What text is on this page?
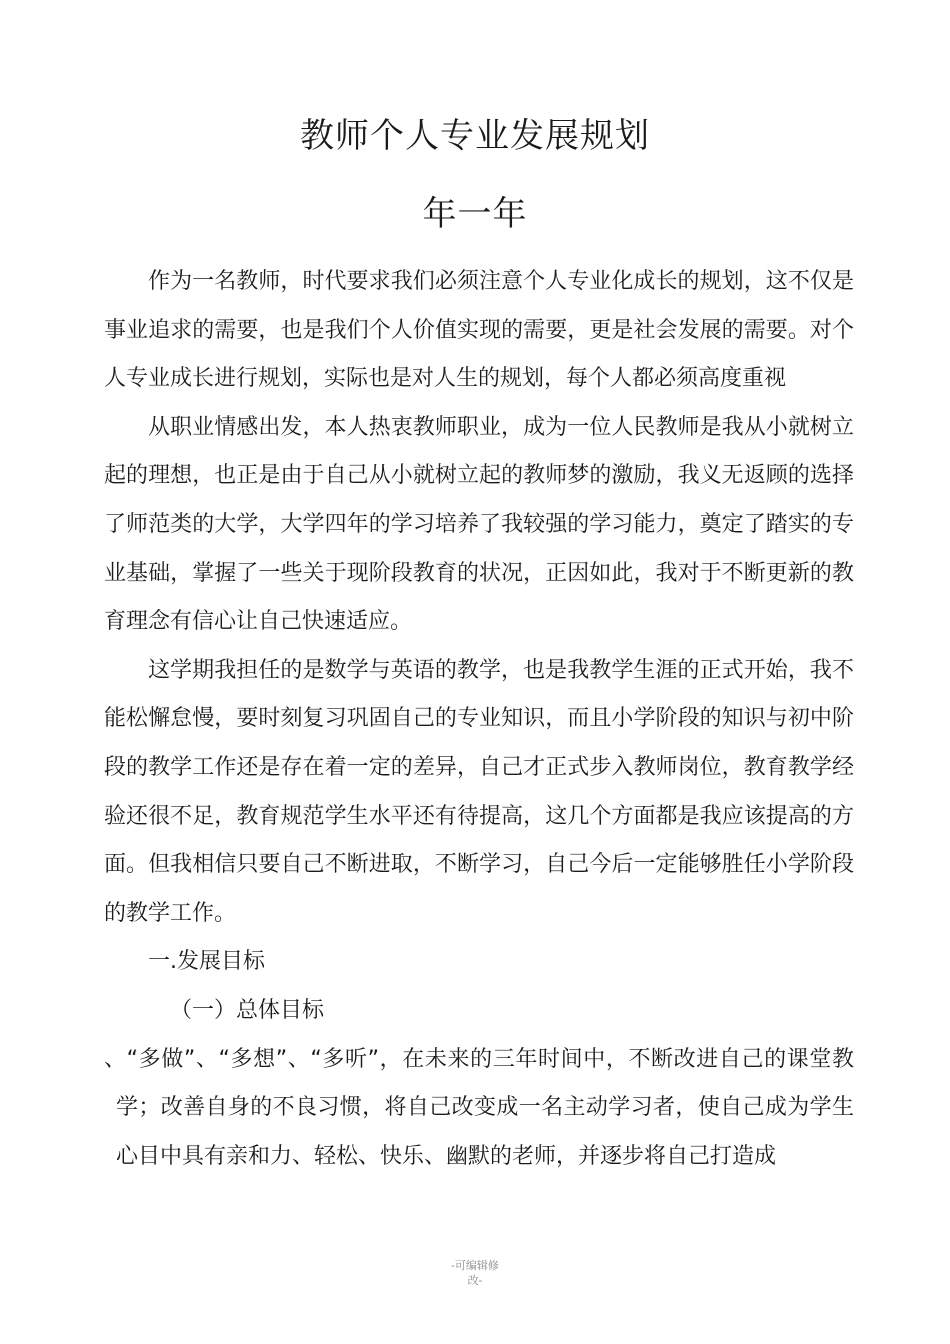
教师个人专业发展规划
年一年

作为一名教师，时代要求我们必须注意个人专业化成长的规划，这不仅是事业追求的需要，也是我们个人价值实现的需要，更是社会发展的需要。对个人专业成长进行规划，实际也是对人生的规划，每个人都必须高度重视

从职业情感出发，本人热衷教师职业，成为一位人民教师是我从小就树立起的理想，也正是由于自己从小就树立起的教师梦的激励，我义无返顾的选择了师范类的大学，大学四年的学习培养了我较强的学习能力，奠定了踏实的专业基础，掌握了一些关于现阶段教育的状况，正因如此，我对于不断更新的教育理念有信心让自己快速适应。

这学期我担任的是数学与英语的教学，也是我教学生涯的正式开始，我不能松懈怠慢，要时刻复习巩固自己的专业知识，而且小学阶段的知识与初中阶段的教学工作还是存在着一定的差异，自己才正式步入教师岗位，教育教学经验还很不足，教育规范学生水平还有待提高，这几个方面都是我应该提高的方面。但我相信只要自己不断进取，不断学习，自己今后一定能够胜任小学阶段的教学工作。

一.发展目标

（一）总体目标

、“多做”、“多想”、“多听”，在未来的三年时间中，不断改进自己的课堂教学；改善自身的不良习惯，将自己改变成一名主动学习者，使自己成为学生心目中具有亲和力、轻松、快乐、幽默的老师，并逐步将自己打造成

-可编辑修
改-
